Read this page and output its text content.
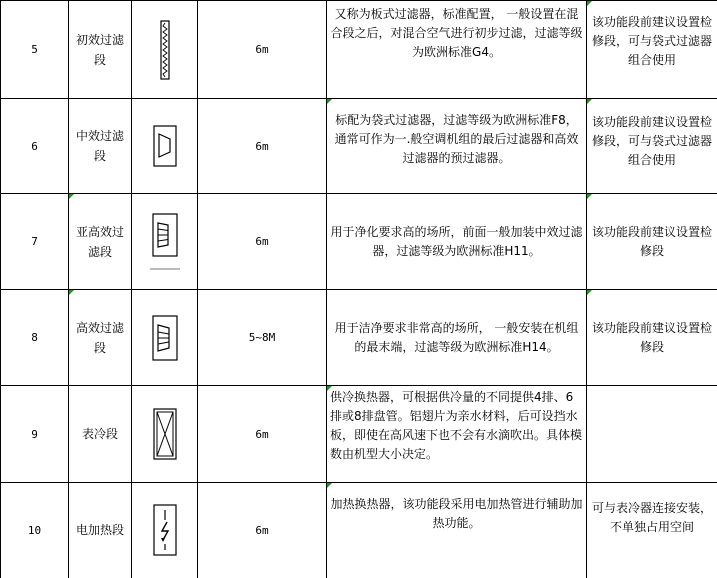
5	初效过滤段		6m	又称为板式过滤器，标准配置， 一般设置在混合段之后，对混合空气进行初步过滤，过滤等级为欧洲标准G4。	该功能段前建议设置检修段，可与袋式过滤器组合使用
6	中效过滤段		6m	标配为袋式过滤器，过滤等级为欧洲标准F8，通常可作为一.般空调机组的最后过滤器和高效过滤器的预过滤器。	该功能段前建议设置检修段，可与袋式过滤器组合使用
7	亚高效过滤段		6m	用于净化要求高的场所，前面一般加装中效过滤器，过滤等级为欧洲标准H11。	该功能段前建议设置检修段
8	高效过滤段		5~8M	用于洁净要求非常高的场所， 一般安装在机组的最末端，过滤等级为欧洲标准H14。	该功能段前建议设置检修段
9	表冷段		6m	供冷换热器，可根据供冷量的不同提供4排、6排或8排盘管。铝翅片为亲水材料，后可设挡水板，即使在高风速下也不会有水滴吹出。具体模数由机型大小决定。	
10	电加热段		6m	加热换热器，该功能段采用电加热管进行辅助加热功能。	可与表冷器连接安装，不单独占用空间
